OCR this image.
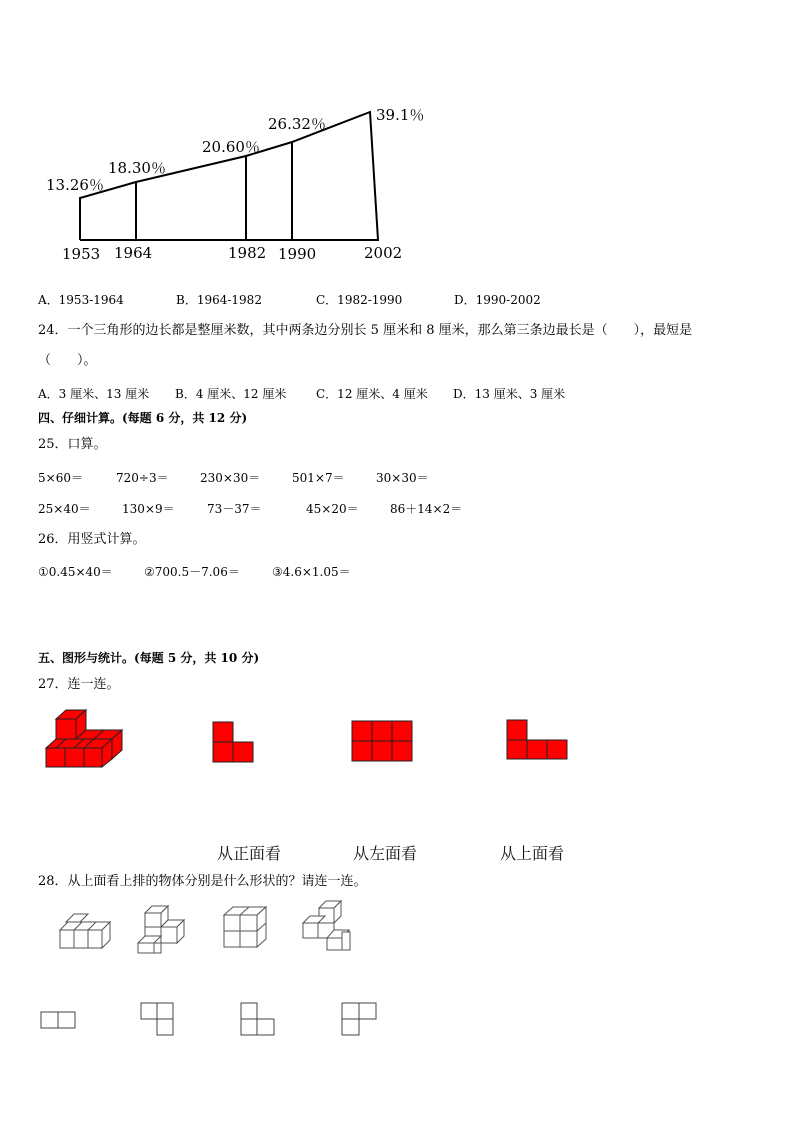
13.26％
18.30％
20.60％
26.32％	39.1％
1953 1964	1982 1990	2002
A．1953-1964	B．1964-1982	C．1982-1990	D．1990-2002
24．一个三角形的边长都是整厘米数，其中两条边分别长 5 厘米和 8 厘米，那么第三条边最长是（　　），最短是
（　　）。
A．3 厘米、13 厘米 B．4 厘米、12 厘米 C．12 厘米、4 厘米 D．13 厘米、3 厘米
四、仔细计算。(每题 6 分，共 12 分)
25．口算。
5×60＝	720÷3＝	230×30＝	501×7＝	30×30＝
25×40＝	130×9＝	73－37＝	45×20＝	86＋14×2＝
26．用竖式计算。
①0.45×40＝	②700.5－7.06＝	③4.6×1.05＝
五、图形与统计。(每题 5 分，共 10 分)
27．连一连。
从正面看	从左面看	从上面看
28．从上面看上排的物体分别是什么形状的？请连一连。
